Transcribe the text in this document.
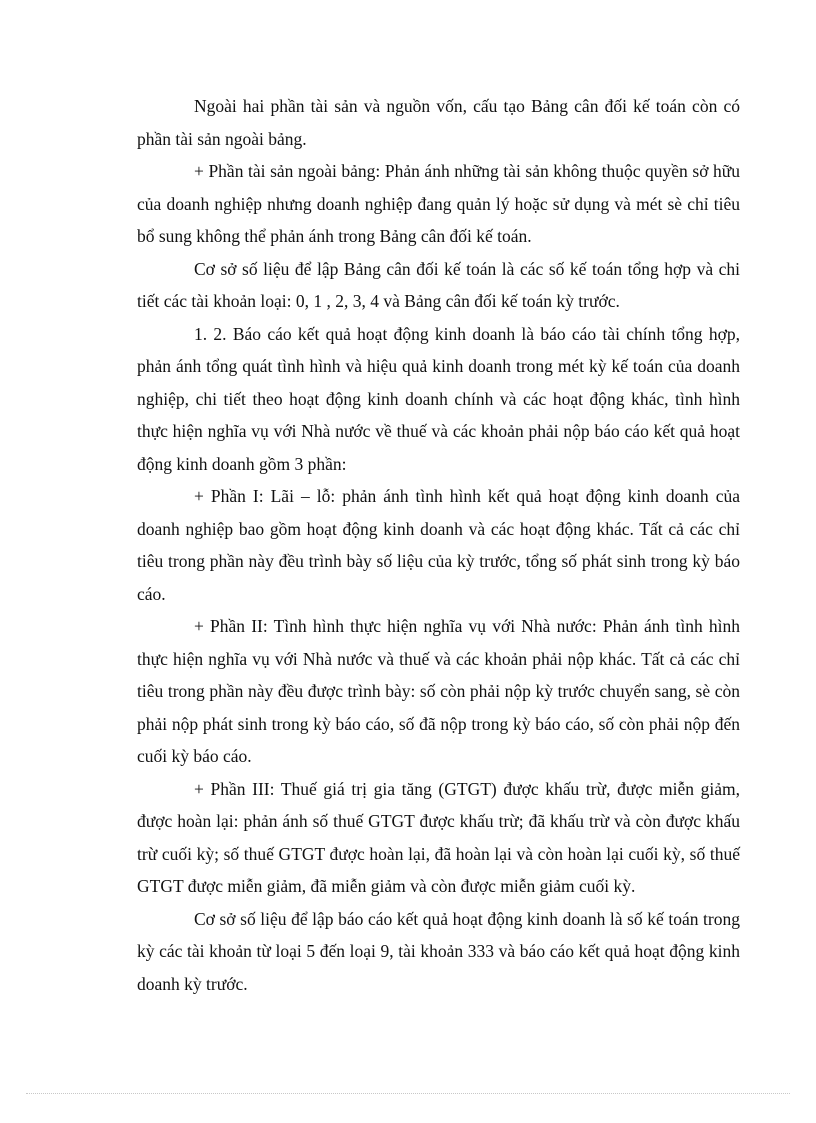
Ngoài hai phần tài sản và nguồn vốn, cấu tạo Bảng cân đối kế toán còn có phần tài sản ngoài bảng.

+ Phần tài sản ngoài bảng: Phản ánh những tài sản không thuộc quyền sở hữu của doanh nghiệp nhưng doanh nghiệp đang quản lý hoặc sử dụng và mét sè chỉ tiêu bổ sung không thể phản ánh trong Bảng cân đối kế toán.

Cơ sở số liệu để lập Bảng cân đối kế toán là các số kế toán tổng hợp và chi tiết các tài khoản loại: 0, 1 , 2, 3, 4 và Bảng cân đối kế toán kỳ trước.

1. 2. Báo cáo kết quả hoạt động kinh doanh là báo cáo tài chính tổng hợp, phản ánh tổng quát tình hình và hiệu quả kinh doanh trong mét kỳ kế toán của doanh nghiệp, chi tiết theo hoạt động kinh doanh chính và các hoạt động khác, tình hình thực hiện nghĩa vụ với Nhà nước về thuế và các khoản phải nộp báo cáo kết quả hoạt động kinh doanh gồm 3 phần:

+ Phần I: Lãi – lỗ: phản ánh tình hình kết quả hoạt động kinh doanh của doanh nghiệp bao gồm hoạt động kinh doanh và các hoạt động khác. Tất cả các chỉ tiêu trong phần này đều trình bày số liệu của kỳ trước, tổng số phát sinh trong kỳ báo cáo.

+ Phần II: Tình hình thực hiện nghĩa vụ với Nhà nước: Phản ánh tình hình thực hiện nghĩa vụ với Nhà nước và thuế và các khoản phải nộp khác. Tất cả các chỉ tiêu trong phần này đều được trình bày: số còn phải nộp kỳ trước chuyển sang, sè còn phải nộp phát sinh trong kỳ báo cáo, số đã nộp trong kỳ báo cáo, số còn phải nộp đến cuối kỳ báo cáo.

+ Phần III: Thuế giá trị gia tăng (GTGT) được khấu trừ, được miễn giảm, được hoàn lại: phản ánh số thuế GTGT được khấu trừ; đã khấu trừ và còn được khấu trừ cuối kỳ; số thuế GTGT được hoàn lại, đã hoàn lại và còn hoàn lại cuối kỳ, số thuế GTGT được miễn giảm, đã miễn giảm và còn được miễn giảm cuối kỳ.

Cơ sở số liệu để lập báo cáo kết quả hoạt động kinh doanh là số kế toán trong kỳ các tài khoản từ loại 5 đến loại 9, tài khoản 333 và báo cáo kết quả hoạt động kinh doanh kỳ trước.
